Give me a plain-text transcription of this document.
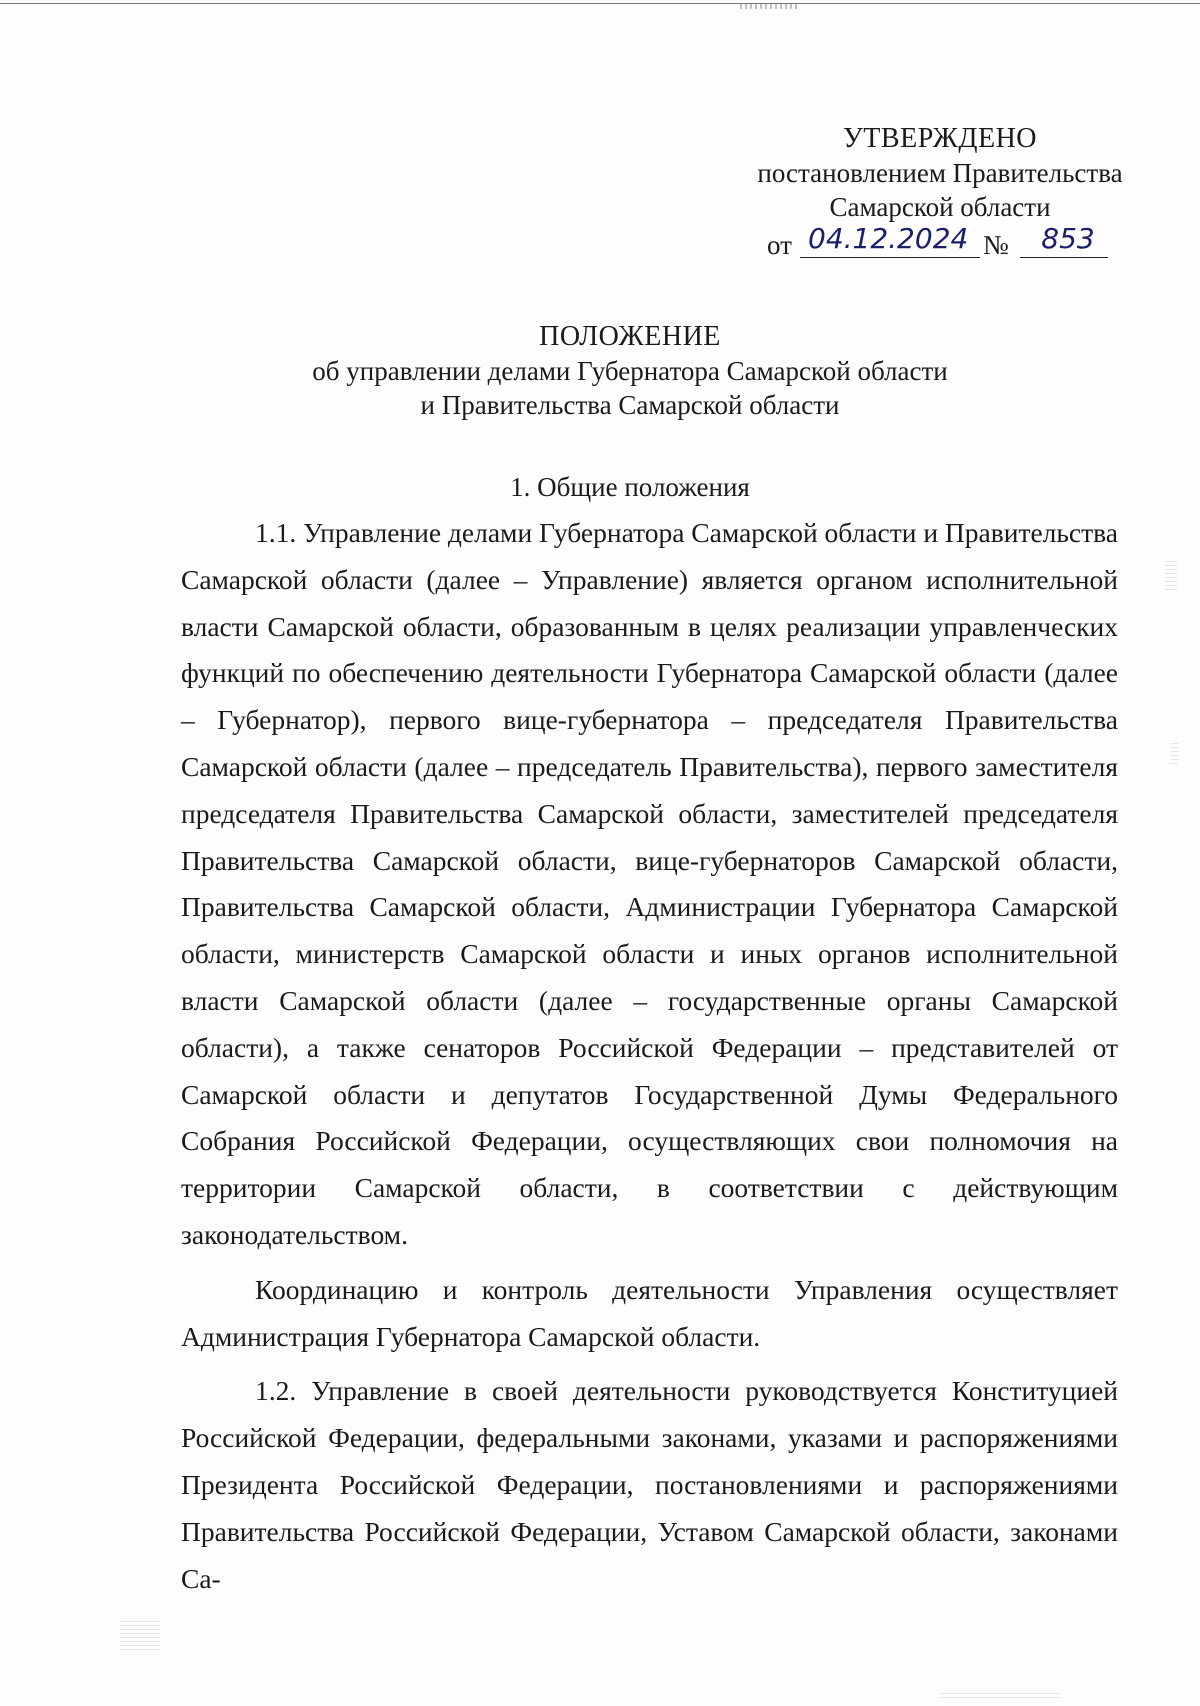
УТВЕРЖДЕНО
постановлением Правительства
Самарской области
от 04.12.2024 №	853
ПОЛОЖЕНИЕ
об управлении делами Губернатора Самарской области
и Правительства Самарской области
1. Общие положения

1.1. Управление делами Губернатора Самарской области и Правительства Самарской области (далее – Управление) является органом исполнительной власти Самарской области, образованным в целях реализации управленческих функций по обеспечению деятельности Губернатора Самарской области (далее – Губернатор), первого вице-губернатора – председателя Правительства Самарской области (далее – председатель Правительства), первого заместителя председателя Правительства Самарской области, заместителей председателя Правительства Самарской области, вице-губернаторов Самарской области, Правительства Самарской области, Администрации Губернатора Самарской области, министерств Самарской области и иных органов исполнительной власти Самарской области (далее – государственные органы Самарской области), а также сенаторов Российской Федерации – представителей от Самарской области и депутатов Государственной Думы Федерального Собрания Российской Федерации, осуществляющих свои полномочия на территории Самарской области, в соответствии с действующим законодательством.

Координацию и контроль деятельности Управления осуществляет Администрация Губернатора Самарской области.

1.2. Управление в своей деятельности руководствуется Конституцией Российской Федерации, федеральными законами, указами и распоряжениями Президента Российской Федерации, постановлениями и распоряжениями Правительства Российской Федерации, Уставом Самарской области, законами Са-
